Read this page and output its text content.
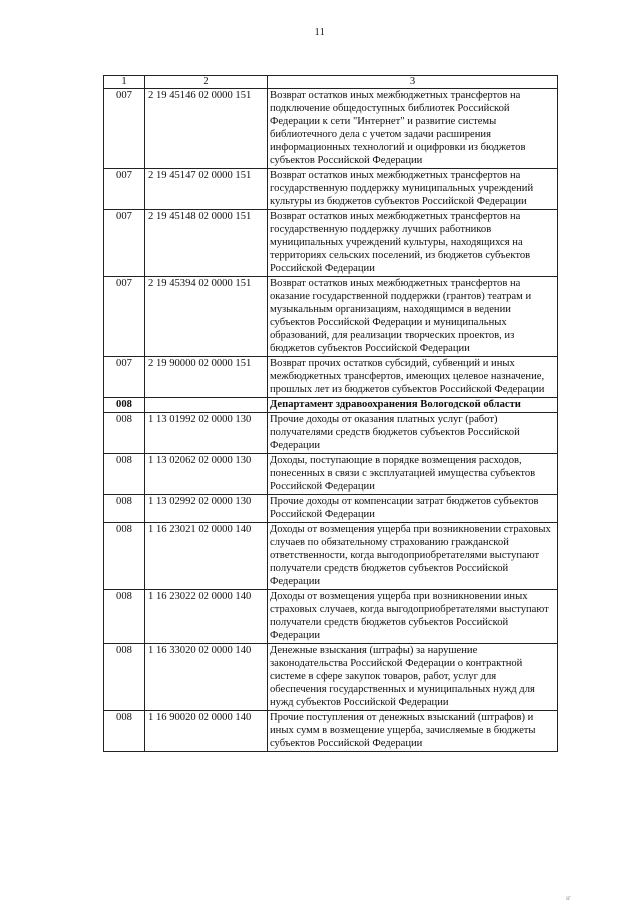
11
1	2	3
007	2 19 45146 02 0000 151	Возврат остатков иных межбюджетных трансфертов на подключение общедоступных библиотек Российской Федерации к сети "Интернет" и развитие системы библиотечного дела с учетом задачи расширения информационных технологий и оцифровки из бюджетов субъектов Российской Федерации
007	2 19 45147 02 0000 151	Возврат остатков иных межбюджетных трансфертов на государственную поддержку муниципальных учреждений культуры из бюджетов субъектов Российской Федерации
007	2 19 45148 02 0000 151	Возврат остатков иных межбюджетных трансфертов на государственную поддержку лучших работников муниципальных учреждений культуры, находящихся на территориях сельских поселений, из бюджетов субъектов Российской Федерации
007	2 19 45394 02 0000 151	Возврат остатков иных межбюджетных трансфертов на оказание государственной поддержки (грантов) театрам и музыкальным организациям, находящимся в ведении субъектов Российской Федерации и муниципальных образований, для реализации творческих проектов, из бюджетов субъектов Российской Федерации
007	2 19 90000 02 0000 151	Возврат прочих остатков субсидий, субвенций и иных межбюджетных трансфертов, имеющих целевое назначение, прошлых лет из бюджетов субъектов Российской Федерации
008		Департамент здравоохранения Вологодской области
008	1 13 01992 02 0000 130	Прочие доходы от оказания платных услуг (работ) получателями средств бюджетов субъектов Российской Федерации
008	1 13 02062 02 0000 130	Доходы, поступающие в порядке возмещения расходов, понесенных в связи с эксплуатацией имущества субъектов Российской Федерации
008	1 13 02992 02 0000 130	Прочие доходы от компенсации затрат бюджетов субъектов Российской Федерации
008	1 16 23021 02 0000 140	Доходы от возмещения ущерба при возникновении страховых случаев по обязательному страхованию гражданской ответственности, когда выгодоприобретателями выступают получатели средств бюджетов субъектов Российской Федерации
008	1 16 23022 02 0000 140	Доходы от возмещения ущерба при возникновении иных страховых случаев, когда выгодоприобретателями выступают получатели средств бюджетов субъектов Российской Федерации
008	1 16 33020 02 0000 140	Денежные взыскания (штрафы) за нарушение законодательства Российской Федерации о контрактной системе в сфере закупок товаров, работ, услуг для обеспечения государственных и муниципальных нужд для нужд субъектов Российской Федерации
008	1 16 90020 02 0000 140	Прочие поступления от денежных взысканий (штрафов) и иных сумм в возмещение ущерба, зачисляемые в бюджеты субъектов Российской Федерации
ıг
